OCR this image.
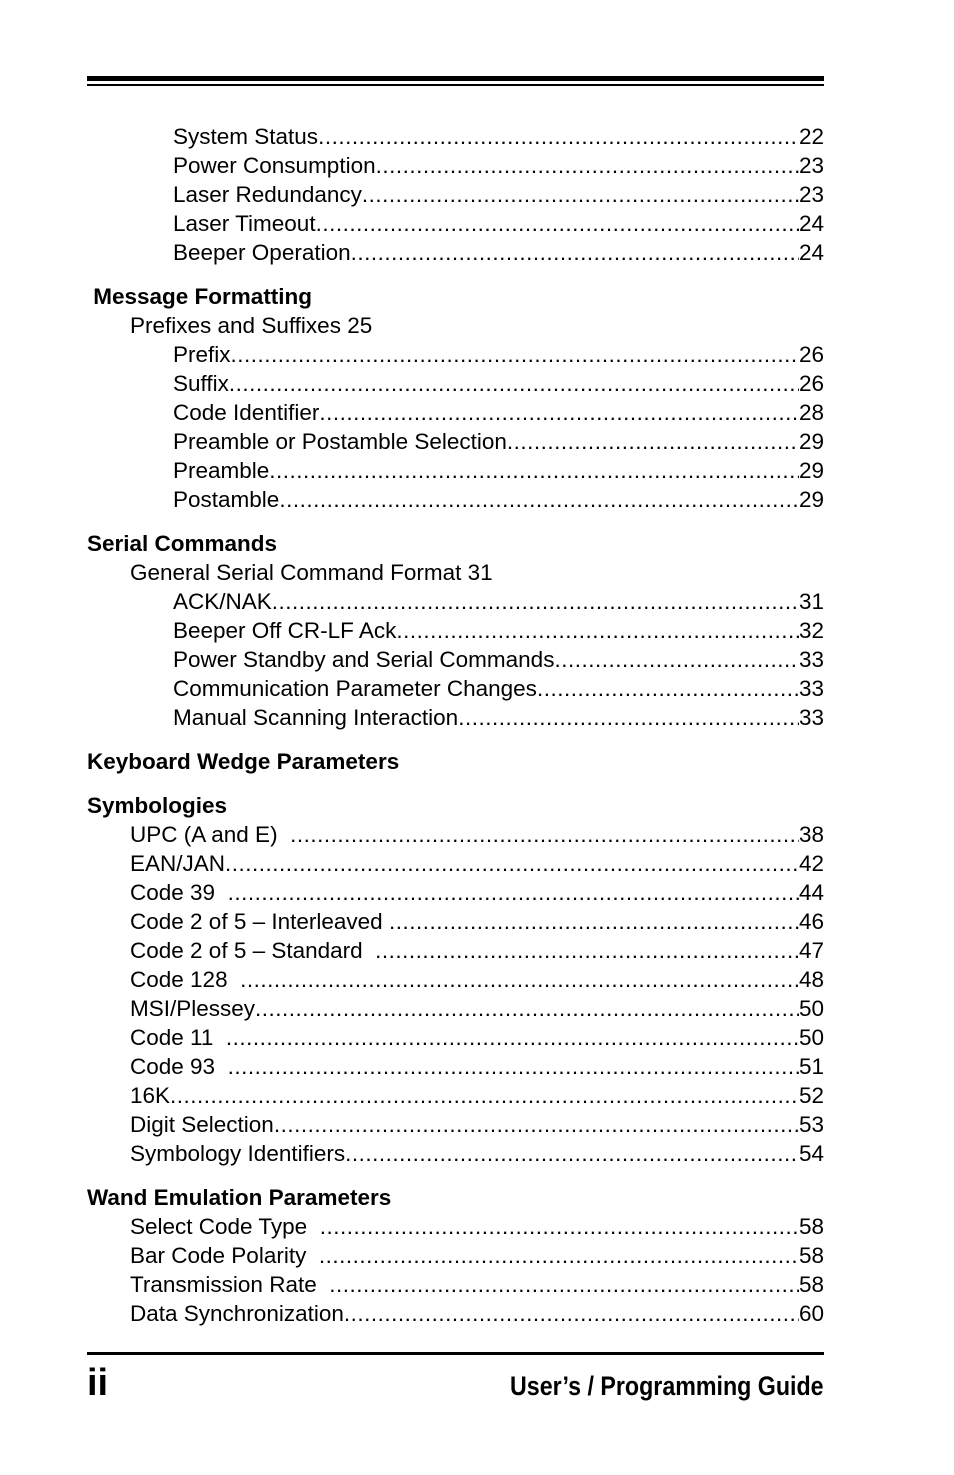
System Status .....	22
Power Consumption .....	23
Laser Redundancy .....	23
Laser Timeout .....	24
Beeper Operation .....	24
Message Formatting
Prefixes and Suffixes 25
Prefix .....	26
Suffix .....	26
Code Identifier .....	28
Preamble or Postamble Selection .....	29
Preamble .....	29
Postamble .....	29
Serial Commands
General Serial Command Format 31
ACK/NAK .....	31
Beeper Off CR-LF Ack .....	32
Power Standby and Serial Commands .....	33
Communication Parameter Changes .....	33
Manual Scanning Interaction .....	33
Keyboard Wedge Parameters
Symbologies
UPC (A and E) .....	38
EAN/JAN .....	42
Code 39 .....	44
Code 2 of 5 – Interleaved .....	46
Code 2 of 5 – Standard .....	47
Code 128 .....	48
MSI/Plessey .....	50
Code 11 .....	50
Code 93 .....	51
16K .....	52
Digit Selection .....	53
Symbology Identifiers .....	54
Wand Emulation Parameters
Select Code Type .....	58
Bar Code Polarity .....	58
Transmission Rate .....	58
Data Synchronization .....	60
ii	User’s / Programming Guide
